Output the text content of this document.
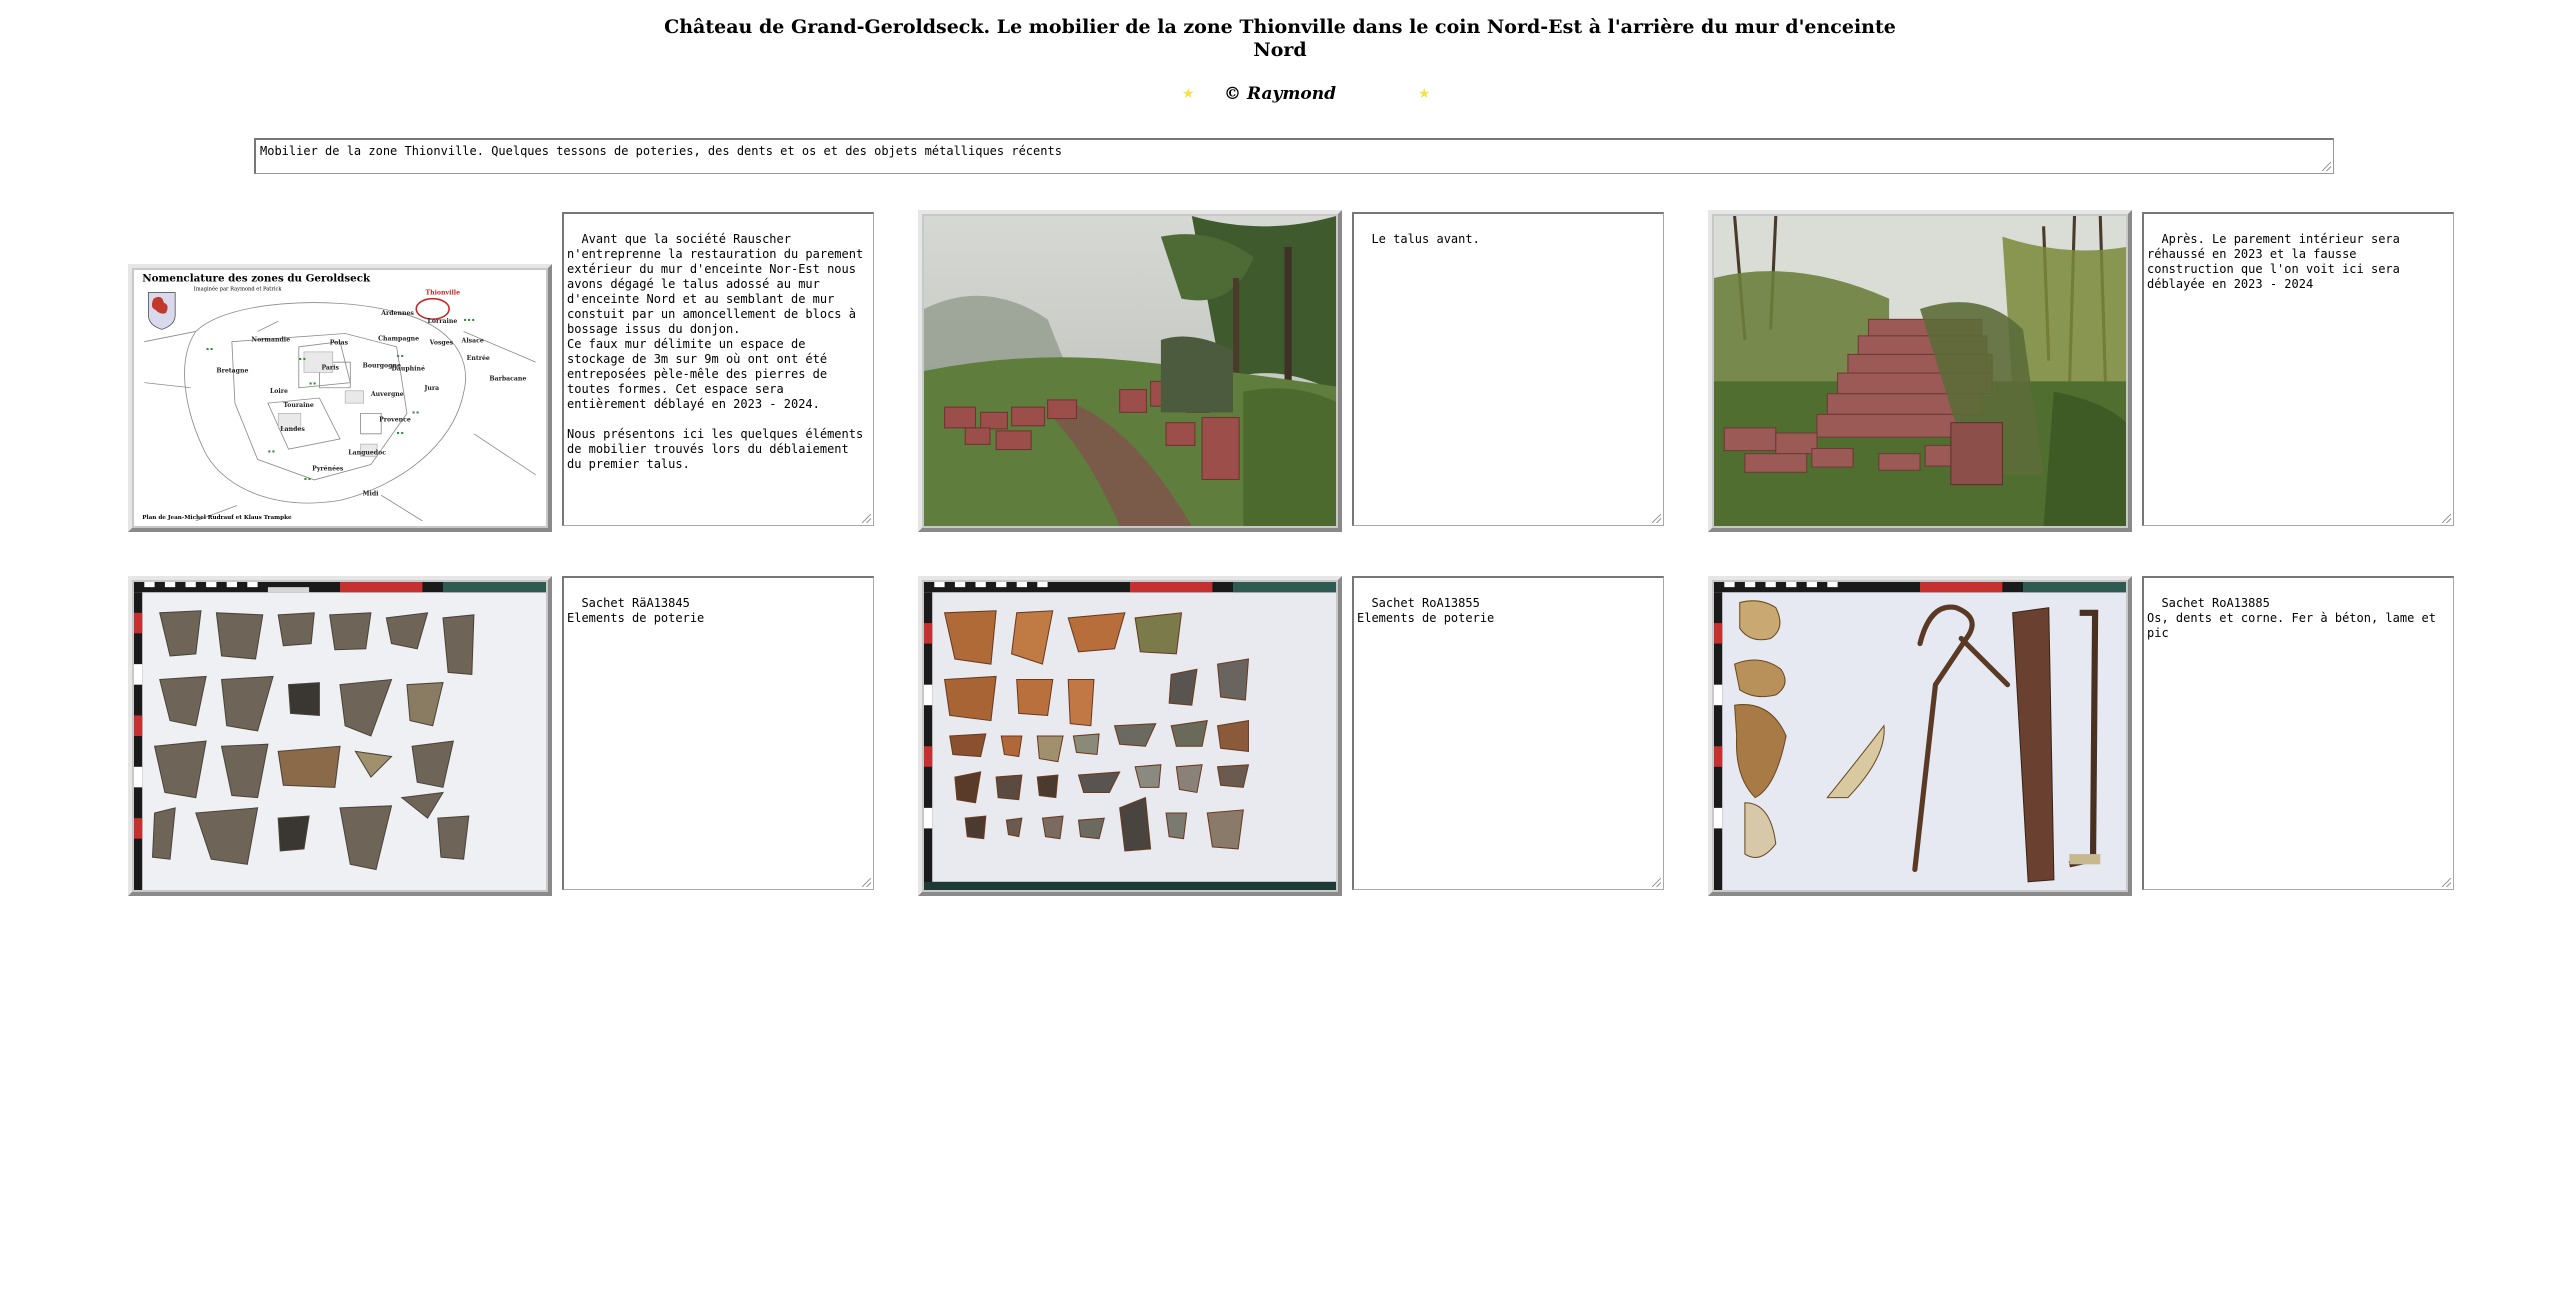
Château de Grand-Geroldseck. Le mobilier de la zone Thionville dans le coin Nord-Est à l'arrière du mur d'enceinte
Nord
★	© Raymond	★
Mobilier de la zone Thionville. Quelques tessons de poteries, des dents et os et des objets métalliques récents
Nomenclature des zones du Geroldseck
Imaginée par Raymond et Patrick
Thionville
Ardennes
Lorraine
Vosges Alsace
Champagne
Normandie	Polas
Bretagne	Paris	Bourgogne
Dauphiné
Entrée
Loire	Auvergne
Jura
Barbacane
Touraine
Provence
Landes
Languedoc
Pyrénées
Midi
▪ ▪ ▪
▪ ▪
▪ ▪
▪ ▪
▪ ▪
▪ ▪
▪ ▪
▪ ▪
▪ ▪
Plan de Jean-Michel Rudrauf et Klaus Trampke

Avant que la société Rauscher
n'entreprenne la restauration du parement
extérieur du mur d'enceinte Nor-Est nous
avons dégagé le talus adossé au mur
d'enceinte Nord et au semblant de mur
constuit par un amoncellement de blocs à
bossage issus du donjon.
Ce faux mur délimite un espace de
stockage de 3m sur 9m où ont ont été
entreposées pèle-mêle des pierres de
toutes formes. Cet espace sera
entièrement déblayé en 2023 - 2024.

Nous présentons ici les quelques éléments
de mobilier trouvés lors du déblaiement
du premier talus.

Le talus avant.
	Après. Le parement intérieur sera
réhaussé en 2023 et la fausse
construction que l'on voit ici sera
déblayée en 2023 - 2024

Sachet RäA13845
Elements de poterie

Sachet RoA13855
Elements de poterie

Sachet RoA13885
Os, dents et corne. Fer à béton, lame et
pic
